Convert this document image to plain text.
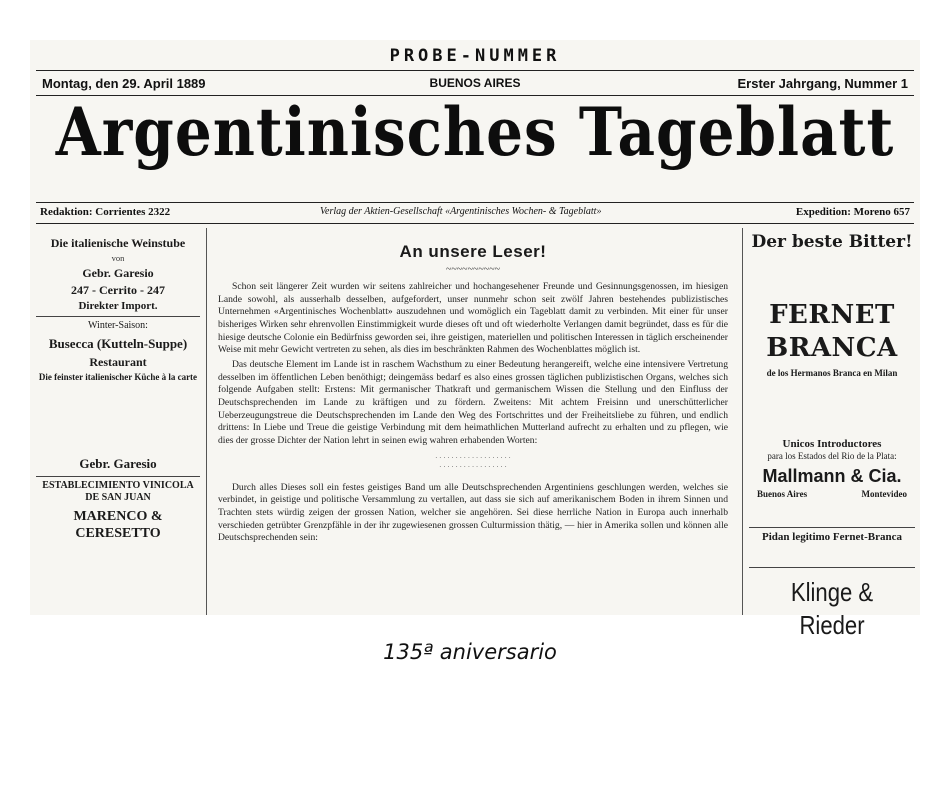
PROBE-NUMMER
Montag, den 29. April 1889	BUENOS AIRES	Erster Jahrgang, Nummer 1
Argentinisches Tageblatt
Redaktion: Corrientes 2322	Verlag der Aktien-Gesellschaft «Argentinisches Wochen- & Tageblatt»	Expedition: Moreno 657
Die italienische Weinstube
von
Gebr. Garesio
247 - Cerrito - 247
Direkter Import.
Winter-Saison:
Busecca (Kutteln-Suppe)
Restaurant
Die feinster italienischer Küche à la carte
Gebr. Garesio
ESTABLECIMIENTO VINICOLA
DE SAN JUAN
MARENCO & CERESETTO
An unsere Leser!
~~~~~~~~~~

Schon seit längerer Zeit wurden wir seitens zahlreicher und hochangesehener Freunde und Gesinnungsgenossen, im hiesigen Lande sowohl, als ausserhalb desselben, aufgefordert, unser nunmehr schon seit zwölf Jahren bestehendes publizistisches Unternehmen «Argentinisches Wochenblatt» auszudehnen und womöglich ein Tageblatt damit zu verbinden. Mit einer für unser bisheriges Wirken sehr ehrenvollen Einstimmigkeit wurde dieses oft und oft wiederholte Verlangen damit begründet, dass es für die hiesige deutsche Colonie ein Bedürfniss geworden sei, ihre geistigen, materiellen und politischen Interessen in täglich erscheinender Weise mit mehr Gewicht vertreten zu sehen, als dies im beschränkten Rahmen des Wochenblattes möglich ist.

Das deutsche Element im Lande ist in raschem Wachsthum zu einer Bedeutung herangereift, welche eine intensivere Vertretung desselben im öffentlichen Leben benöthigt; deingemäss bedarf es also eines grossen täglichen publizistischen Organs, welches sich folgende Aufgaben stellt: Erstens: Mit germanischer Thatkraft und germanischem Wissen die Stellung und den Einfluss der Deutschsprechenden im Lande zu kräftigen und zu fördern. Zweitens: Mit achtem Freisinn und unerschütterlicher Ueberzeugungstreue die Deutschsprechenden im Lande den Weg des Fortschrittes und der Freiheitsliebe zu führen, und endlich drittens: In Liebe und Treue die geistige Verbindung mit dem heimathlichen Mutterland aufrecht zu erhalten und zu pflegen, wie dies der grosse Dichter der Nation lehrt in seinen ewig wahren erhabenden Worten:

· · · · · · · · · · · · · · · · · · ·
· · · · · · · · · · · · · · · · ·

Durch alles Dieses soll ein festes geistiges Band um alle Deutschsprechenden Argentiniens geschlungen werden, welches sie verbindet, in geistige und politische Versammlung zu vertallen, aut dass sie sich auf amerikanischem Boden in ihrem Sinnen und Trachten stets würdig zeigen der grossen Nation, welcher sie angehören. Sei diese herrliche Nation in Europa auch innerhalb verschieden getrübter Grenzpfähle in der ihr zugewiesenen grossen Culturmission thätig, — hier in Amerika sollen und können alle Deutschsprechenden sein:

Der beste Bitter!
FERNET BRANCA
de los Hermanos Branca en Milan
Unicos Introductores
para los Estados del Rio de la Plata:
Mallmann & Cia.
Buenos Aires	Montevideo
Pidan legitimo Fernet-Branca
Klinge & Rieder
135ª aniversario
